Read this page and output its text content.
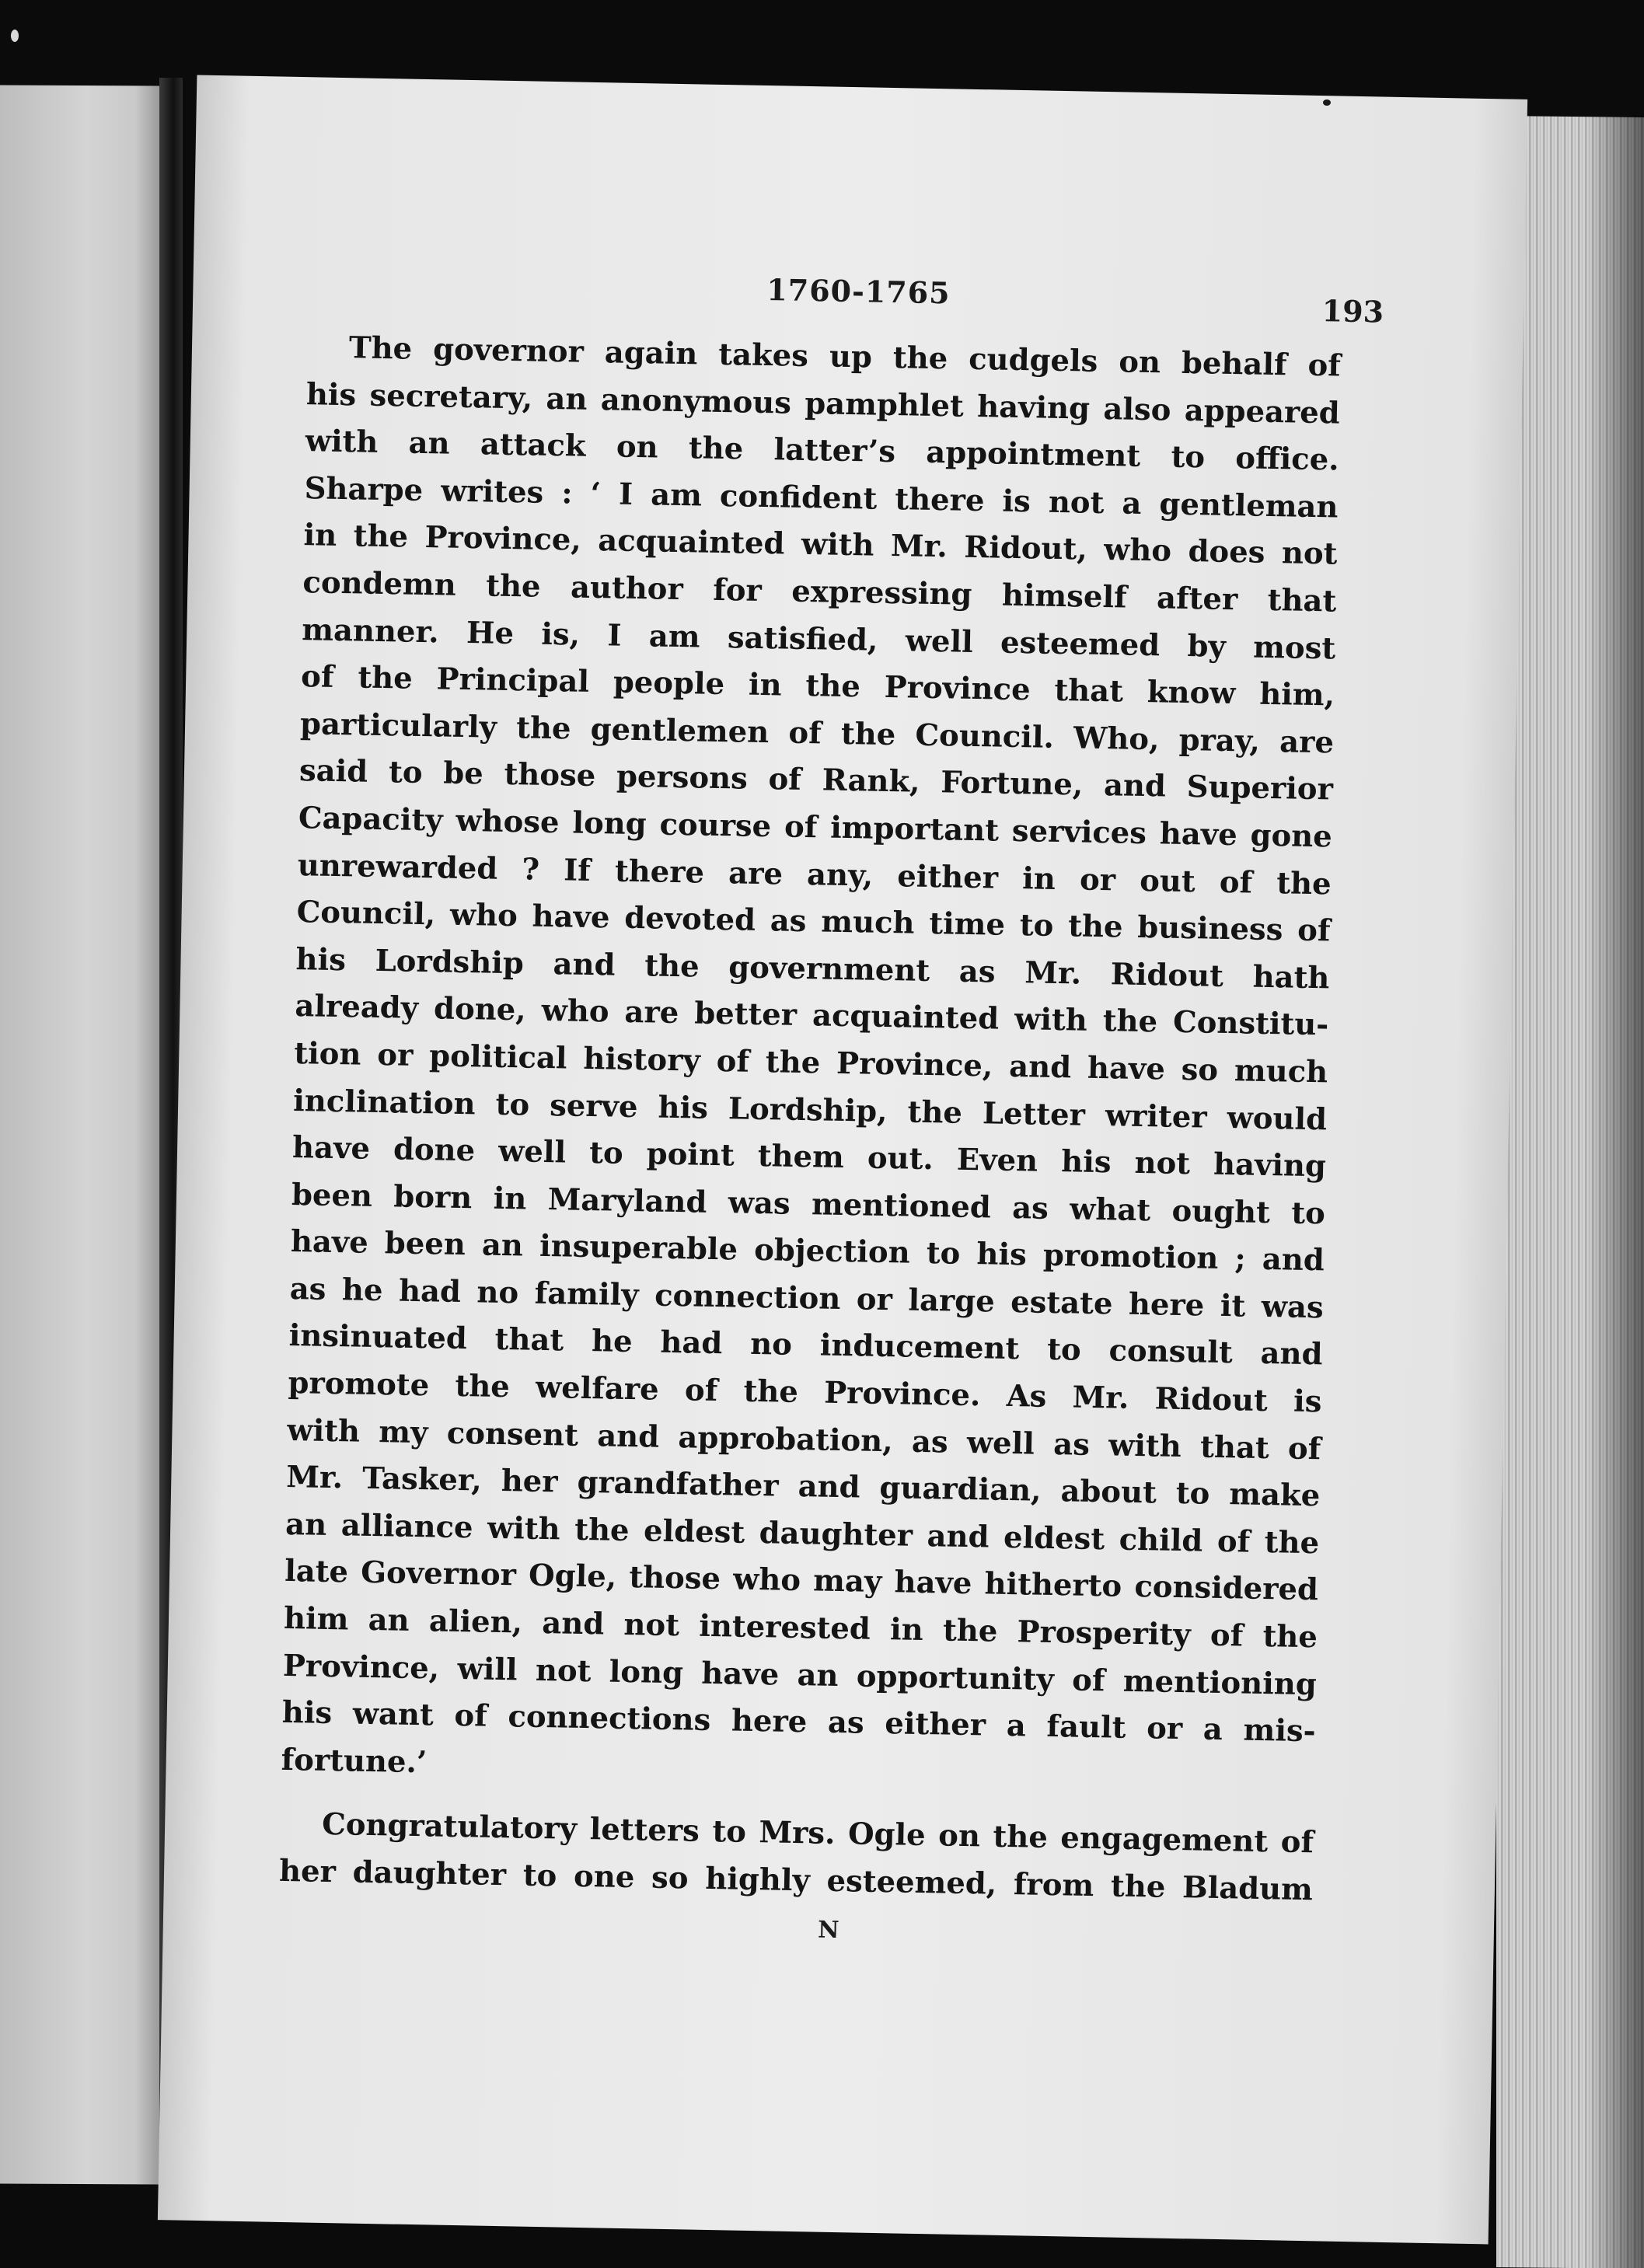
1760-1765
193
The governor again takes up the cudgels on behalf of
his secretary, an anonymous pamphlet having also appeared
with an attack on the latter’s appointment to office.
Sharpe writes : ‘ I am confident there is not a gentleman
in the Province, acquainted with Mr. Ridout, who does not
condemn the author for expressing himself after that
manner. He is, I am satisfied, well esteemed by most
of the Principal people in the Province that know him,
particularly the gentlemen of the Council. Who, pray, are
said to be those persons of Rank, Fortune, and Superior
Capacity whose long course of important services have gone
unrewarded ? If there are any, either in or out of the
Council, who have devoted as much time to the business of
his Lordship and the government as Mr. Ridout hath
already done, who are better acquainted with the Constitu-
tion or political history of the Province, and have so much
inclination to serve his Lordship, the Letter writer would
have done well to point them out. Even his not having
been born in Maryland was mentioned as what ought to
have been an insuperable objection to his promotion ; and
as he had no family connection or large estate here it was
insinuated that he had no inducement to consult and
promote the welfare of the Province. As Mr. Ridout is
with my consent and approbation, as well as with that of
Mr. Tasker, her grandfather and guardian, about to make
an alliance with the eldest daughter and eldest child of the
late Governor Ogle, those who may have hitherto considered
him an alien, and not interested in the Prosperity of the
Province, will not long have an opportunity of mentioning
his want of connections here as either a fault or a mis-
fortune.’
Congratulatory letters to Mrs. Ogle on the engagement of
her daughter to one so highly esteemed, from the Bladum
N
